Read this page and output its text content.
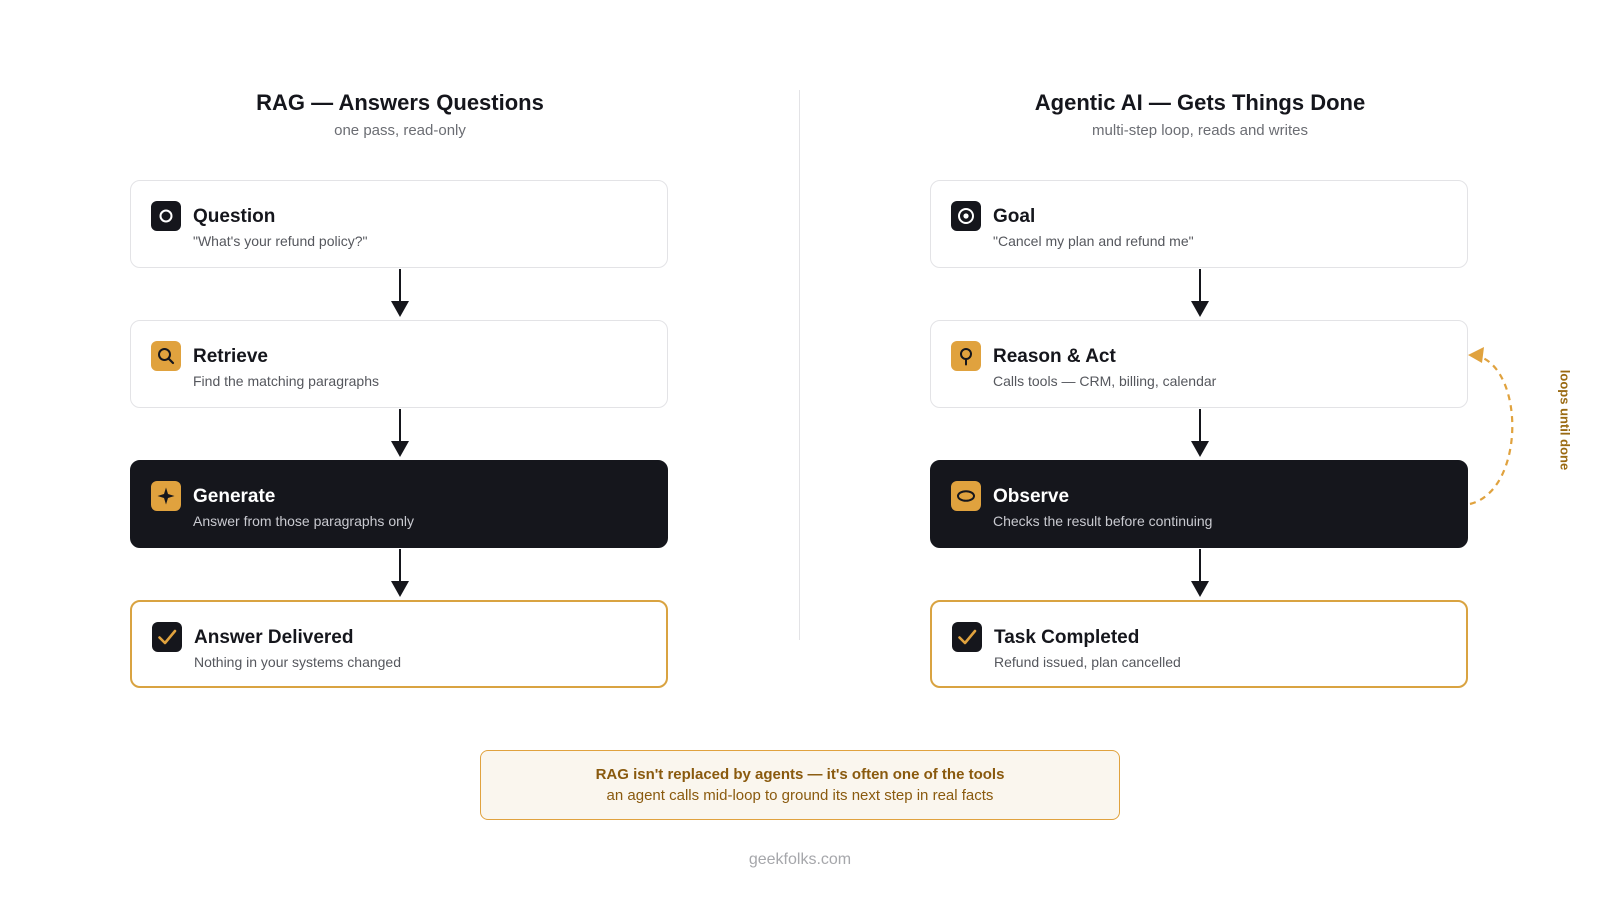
RAG — Answers Questions
one pass, read-only
Agentic AI — Gets Things Done
multi-step loop, reads and writes
Question
"What's your refund policy?"
Retrieve
Find the matching paragraphs
Generate
Answer from those paragraphs only
Answer Delivered
Nothing in your systems changed
Goal
"Cancel my plan and refund me"
Reason & Act
Calls tools — CRM, billing, calendar
Observe
Checks the result before continuing
Task Completed
Refund issued, plan cancelled
loops until done
RAG isn't replaced by agents — it's often one of the tools
an agent calls mid-loop to ground its next step in real facts
geekfolks.com
